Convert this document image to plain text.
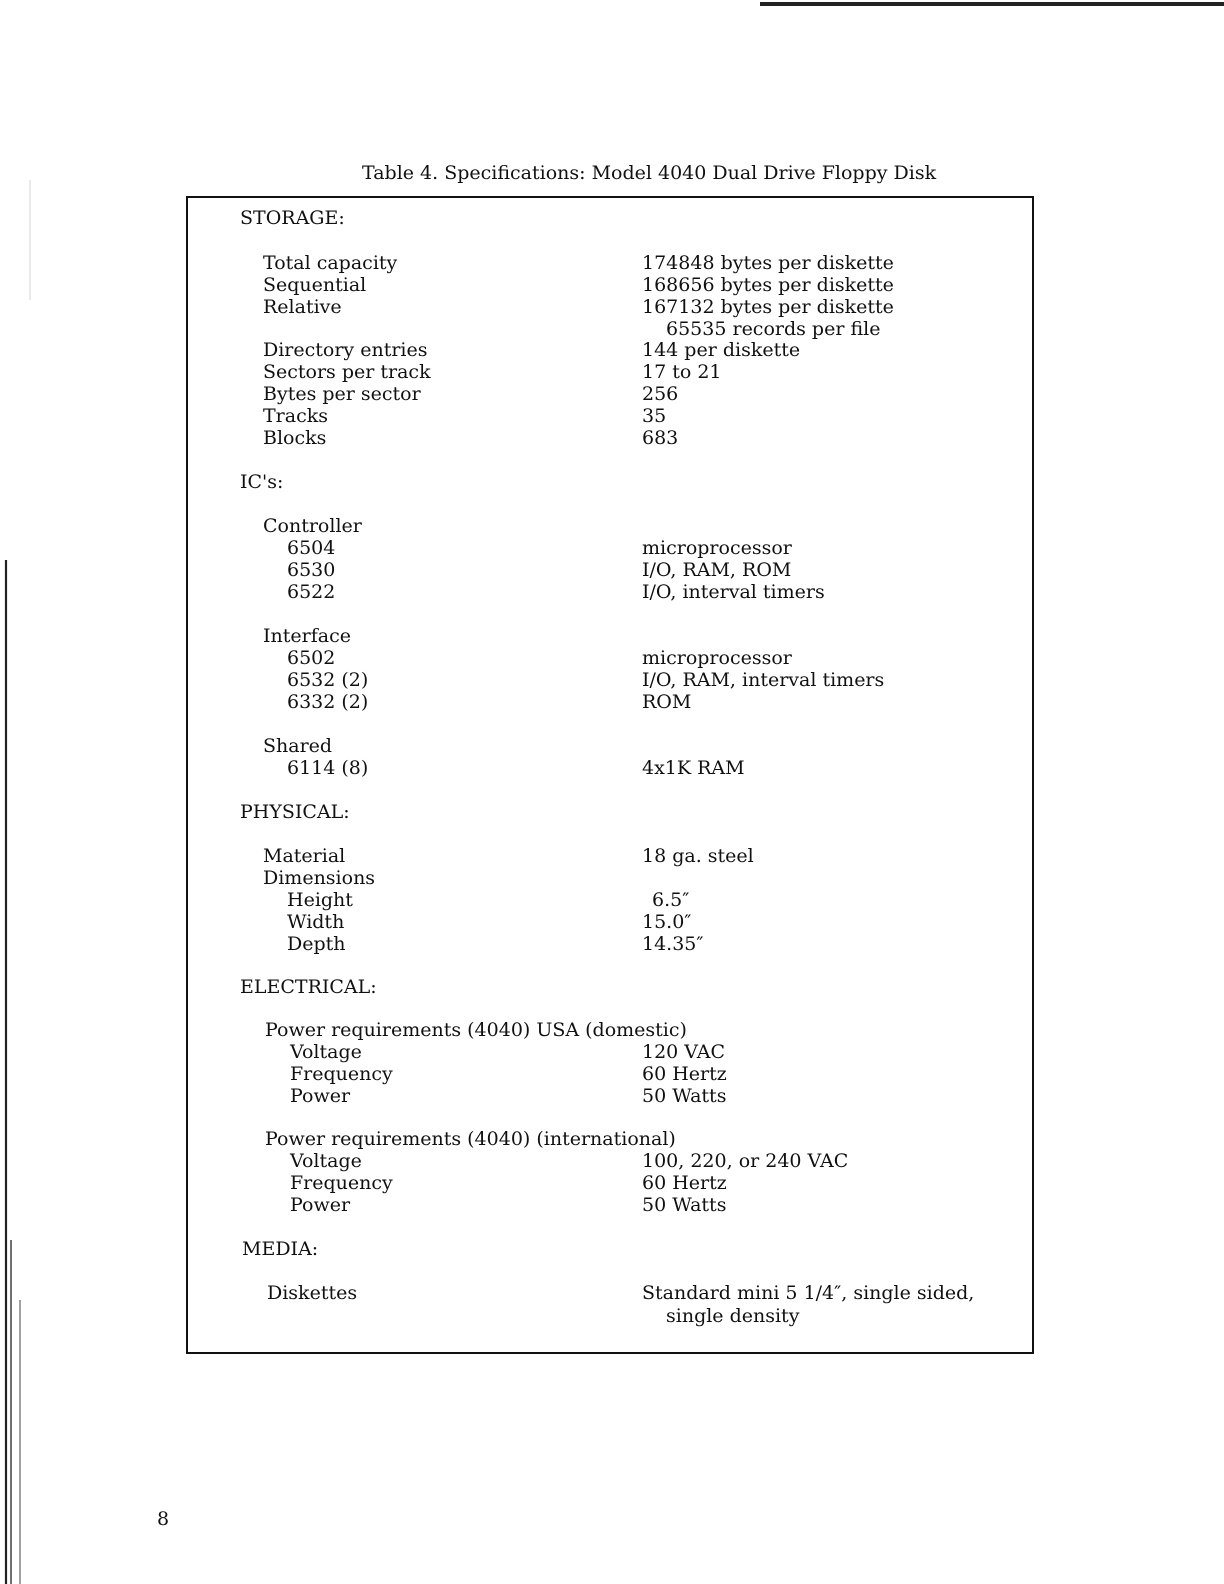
Table 4. Specifications: Model 4040 Dual Drive Floppy Disk
STORAGE:
Total capacity	174848 bytes per diskette
Sequential	168656 bytes per diskette
Relative	167132 bytes per diskette
65535 records per file
Directory entries	144 per diskette
Sectors per track	17 to 21
Bytes per sector	256
Tracks	35
Blocks	683
IC's:
Controller
6504	microprocessor
6530	I/O, RAM, ROM
6522	I/O, interval timers
Interface
6502	microprocessor
6532 (2)	I/O, RAM, interval timers
6332 (2)	ROM
Shared
6114 (8)	4x1K RAM
PHYSICAL:
Material	18 ga. steel
Dimensions
Height	6.5″
Width	15.0″
Depth	14.35″
ELECTRICAL:
Power requirements (4040) USA (domestic)
Voltage	120 VAC
Frequency	60 Hertz
Power	50 Watts
Power requirements (4040) (international)
Voltage	100, 220, or 240 VAC
Frequency	60 Hertz
Power	50 Watts
MEDIA:
Diskettes	Standard mini 5 1/4″, single sided,
single density
8
